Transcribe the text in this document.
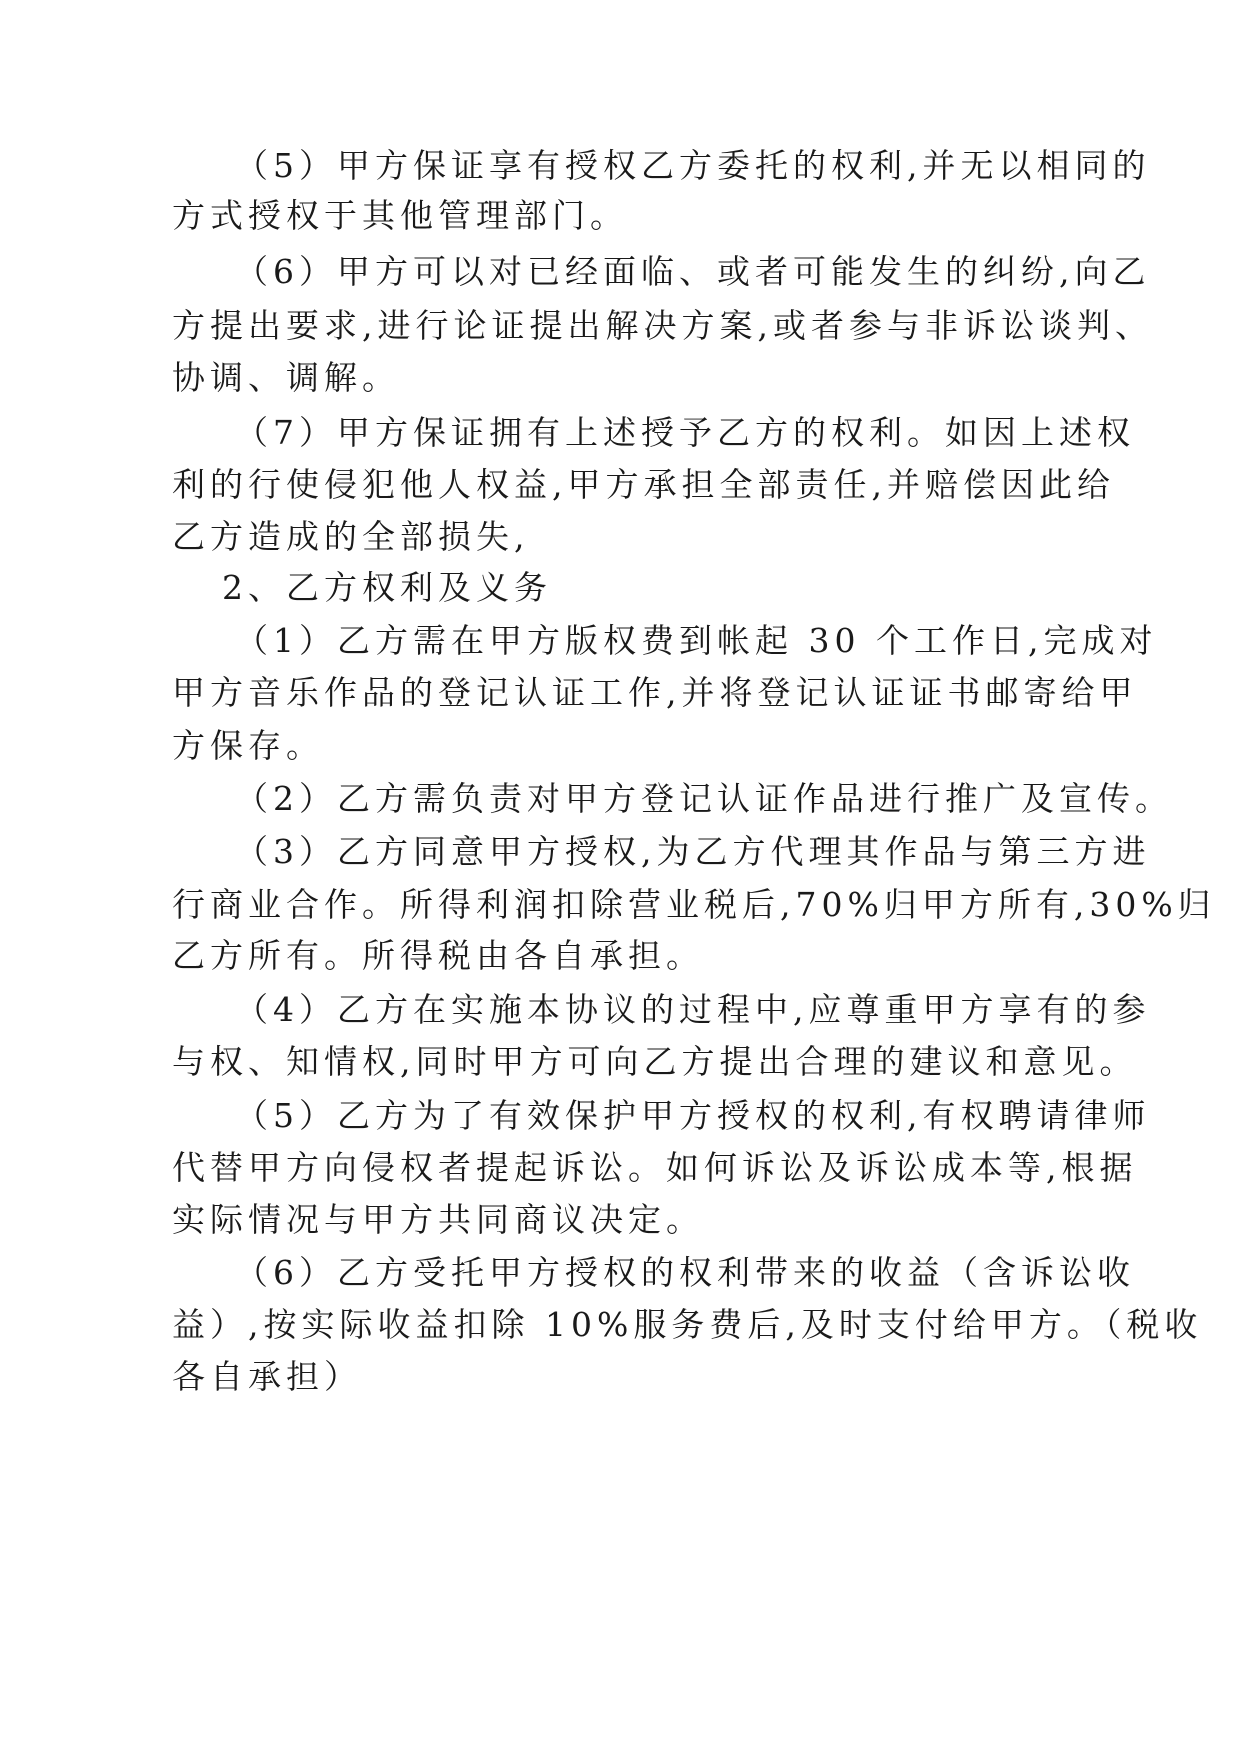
（5）甲方保证享有授权乙方委托的权利,并无以相同的

方式授权于其他管理部门。

（6）甲方可以对已经面临、或者可能发生的纠纷,向乙

方提出要求,进行论证提出解决方案,或者参与非诉讼谈判、

协调、调解。

（7）甲方保证拥有上述授予乙方的权利。如因上述权

利的行使侵犯他人权益,甲方承担全部责任,并赔偿因此给

乙方造成的全部损失,

2、乙方权利及义务

（1）乙方需在甲方版权费到帐起 30 个工作日,完成对

甲方音乐作品的登记认证工作,并将登记认证证书邮寄给甲

方保存。

（2）乙方需负责对甲方登记认证作品进行推广及宣传。

（3）乙方同意甲方授权,为乙方代理其作品与第三方进

行商业合作。所得利润扣除营业税后,70%归甲方所有,30%归

乙方所有。所得税由各自承担。

（4）乙方在实施本协议的过程中,应尊重甲方享有的参

与权、知情权,同时甲方可向乙方提出合理的建议和意见。

（5）乙方为了有效保护甲方授权的权利,有权聘请律师

代替甲方向侵权者提起诉讼。如何诉讼及诉讼成本等,根据

实际情况与甲方共同商议决定。

（6）乙方受托甲方授权的权利带来的收益（含诉讼收

益）,按实际收益扣除 10%服务费后,及时支付给甲方。（税收

各自承担）
